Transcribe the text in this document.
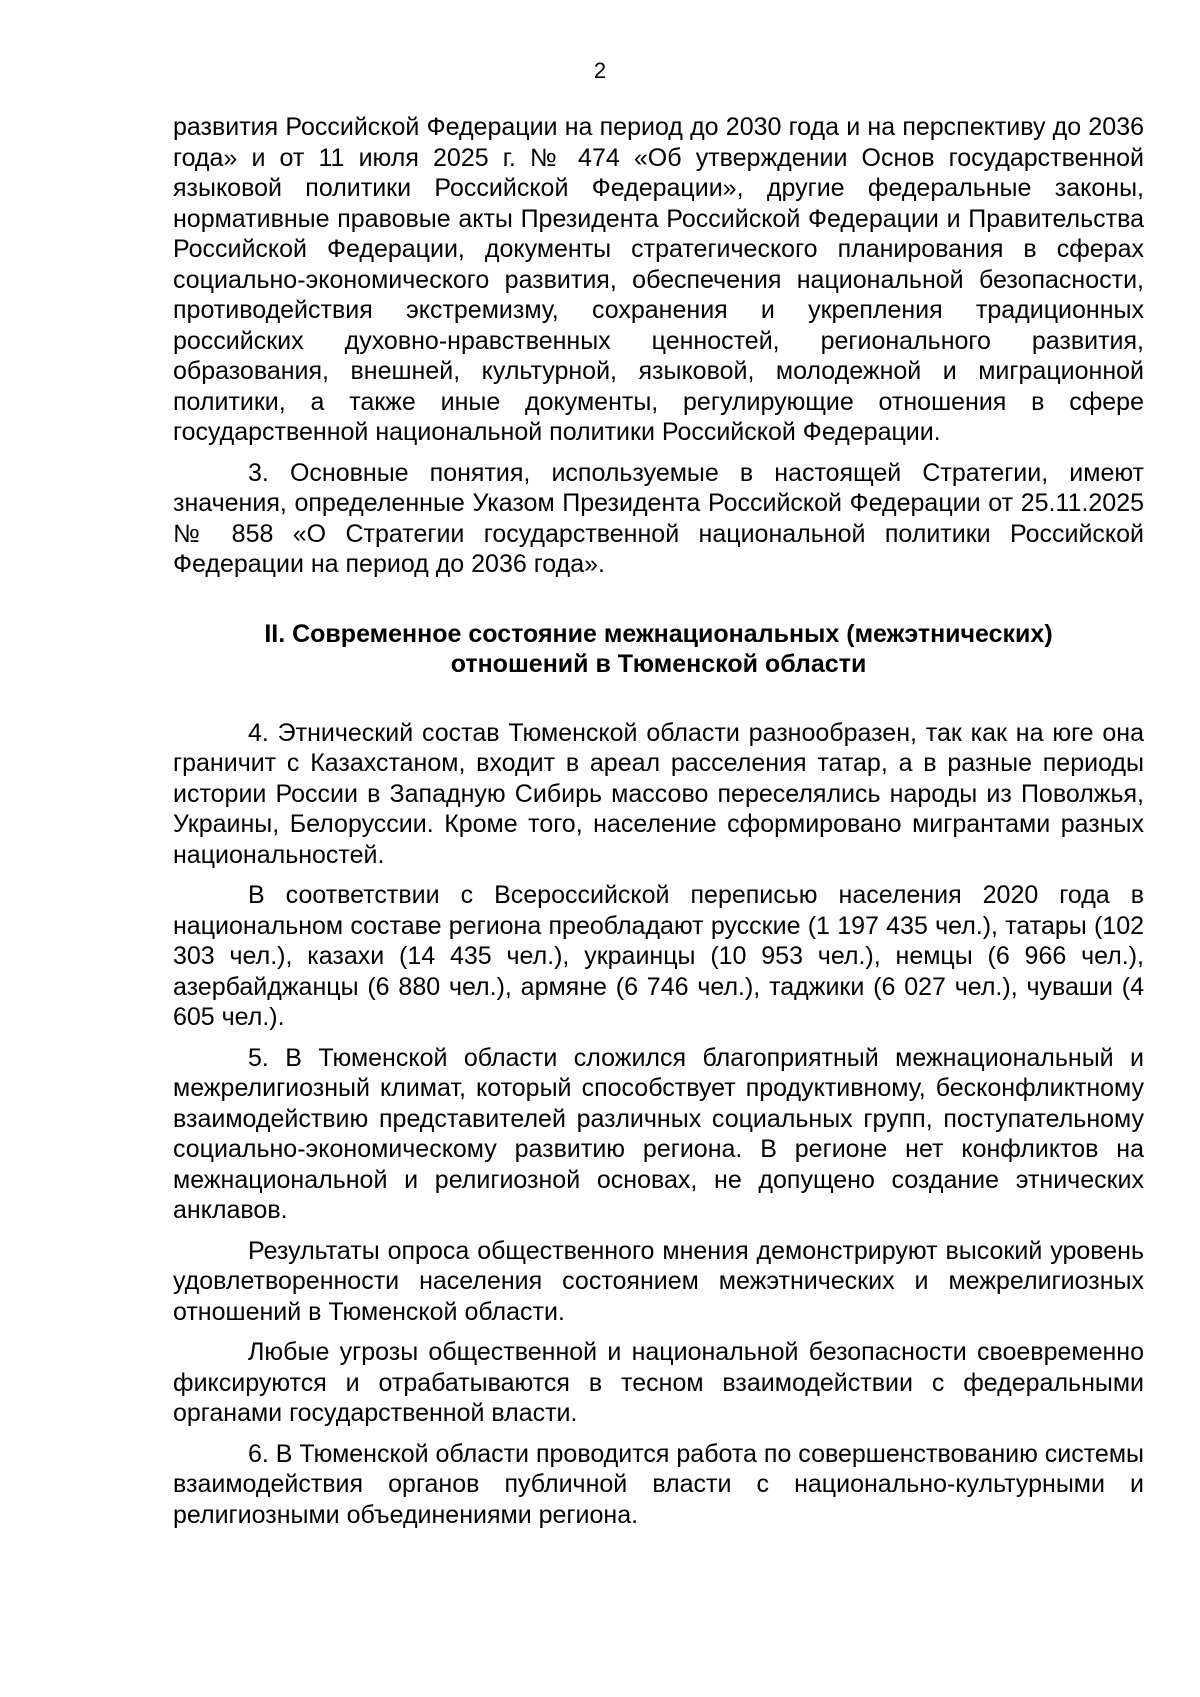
2

развития Российской Федерации на период до 2030 года и на перспективу до 2036 года» и от 11 июля 2025 г. № 474 «Об утверждении Основ государственной языковой политики Российской Федерации», другие федеральные законы, нормативные правовые акты Президента Российской Федерации и Правительства Российской Федерации, документы стратегического планирования в сферах социально-экономического развития, обеспечения национальной безопасности, противодействия экстремизму, сохранения и укрепления традиционных российских духовно-нравственных ценностей, регионального развития, образования, внешней, культурной, языковой, молодежной и миграционной политики, а также иные документы, регулирующие отношения в сфере государственной национальной политики Российской Федерации.

3. Основные понятия, используемые в настоящей Стратегии, имеют значения, определенные Указом Президента Российской Федерации от 25.11.2025 № 858 «О Стратегии государственной национальной политики Российской Федерации на период до 2036 года».

II. Современное состояние межнациональных (межэтнических)
отношений в Тюменской области

4. Этнический состав Тюменской области разнообразен, так как на юге она граничит с Казахстаном, входит в ареал расселения татар, а в разные периоды истории России в Западную Сибирь массово переселялись народы из Поволжья, Украины, Белоруссии. Кроме того, население сформировано мигрантами разных национальностей.

В соответствии с Всероссийской переписью населения 2020 года в национальном составе региона преобладают русские (1 197 435 чел.), татары (102 303 чел.), казахи (14 435 чел.), украинцы (10 953 чел.), немцы (6 966 чел.), азербайджанцы (6 880 чел.), армяне (6 746 чел.), таджики (6 027 чел.), чуваши (4 605 чел.).

5. В Тюменской области сложился благоприятный межнациональный и межрелигиозный климат, который способствует продуктивному, бесконфликтному взаимодействию представителей различных социальных групп, поступательному социально-экономическому развитию региона. В регионе нет конфликтов на межнациональной и религиозной основах, не допущено создание этнических анклавов.

Результаты опроса общественного мнения демонстрируют высокий уровень удовлетворенности населения состоянием межэтнических и межрелигиозных отношений в Тюменской области.

Любые угрозы общественной и национальной безопасности своевременно фиксируются и отрабатываются в тесном взаимодействии с федеральными органами государственной власти.

6. В Тюменской области проводится работа по совершенствованию системы взаимодействия органов публичной власти с национально-культурными и религиозными объединениями региона.
